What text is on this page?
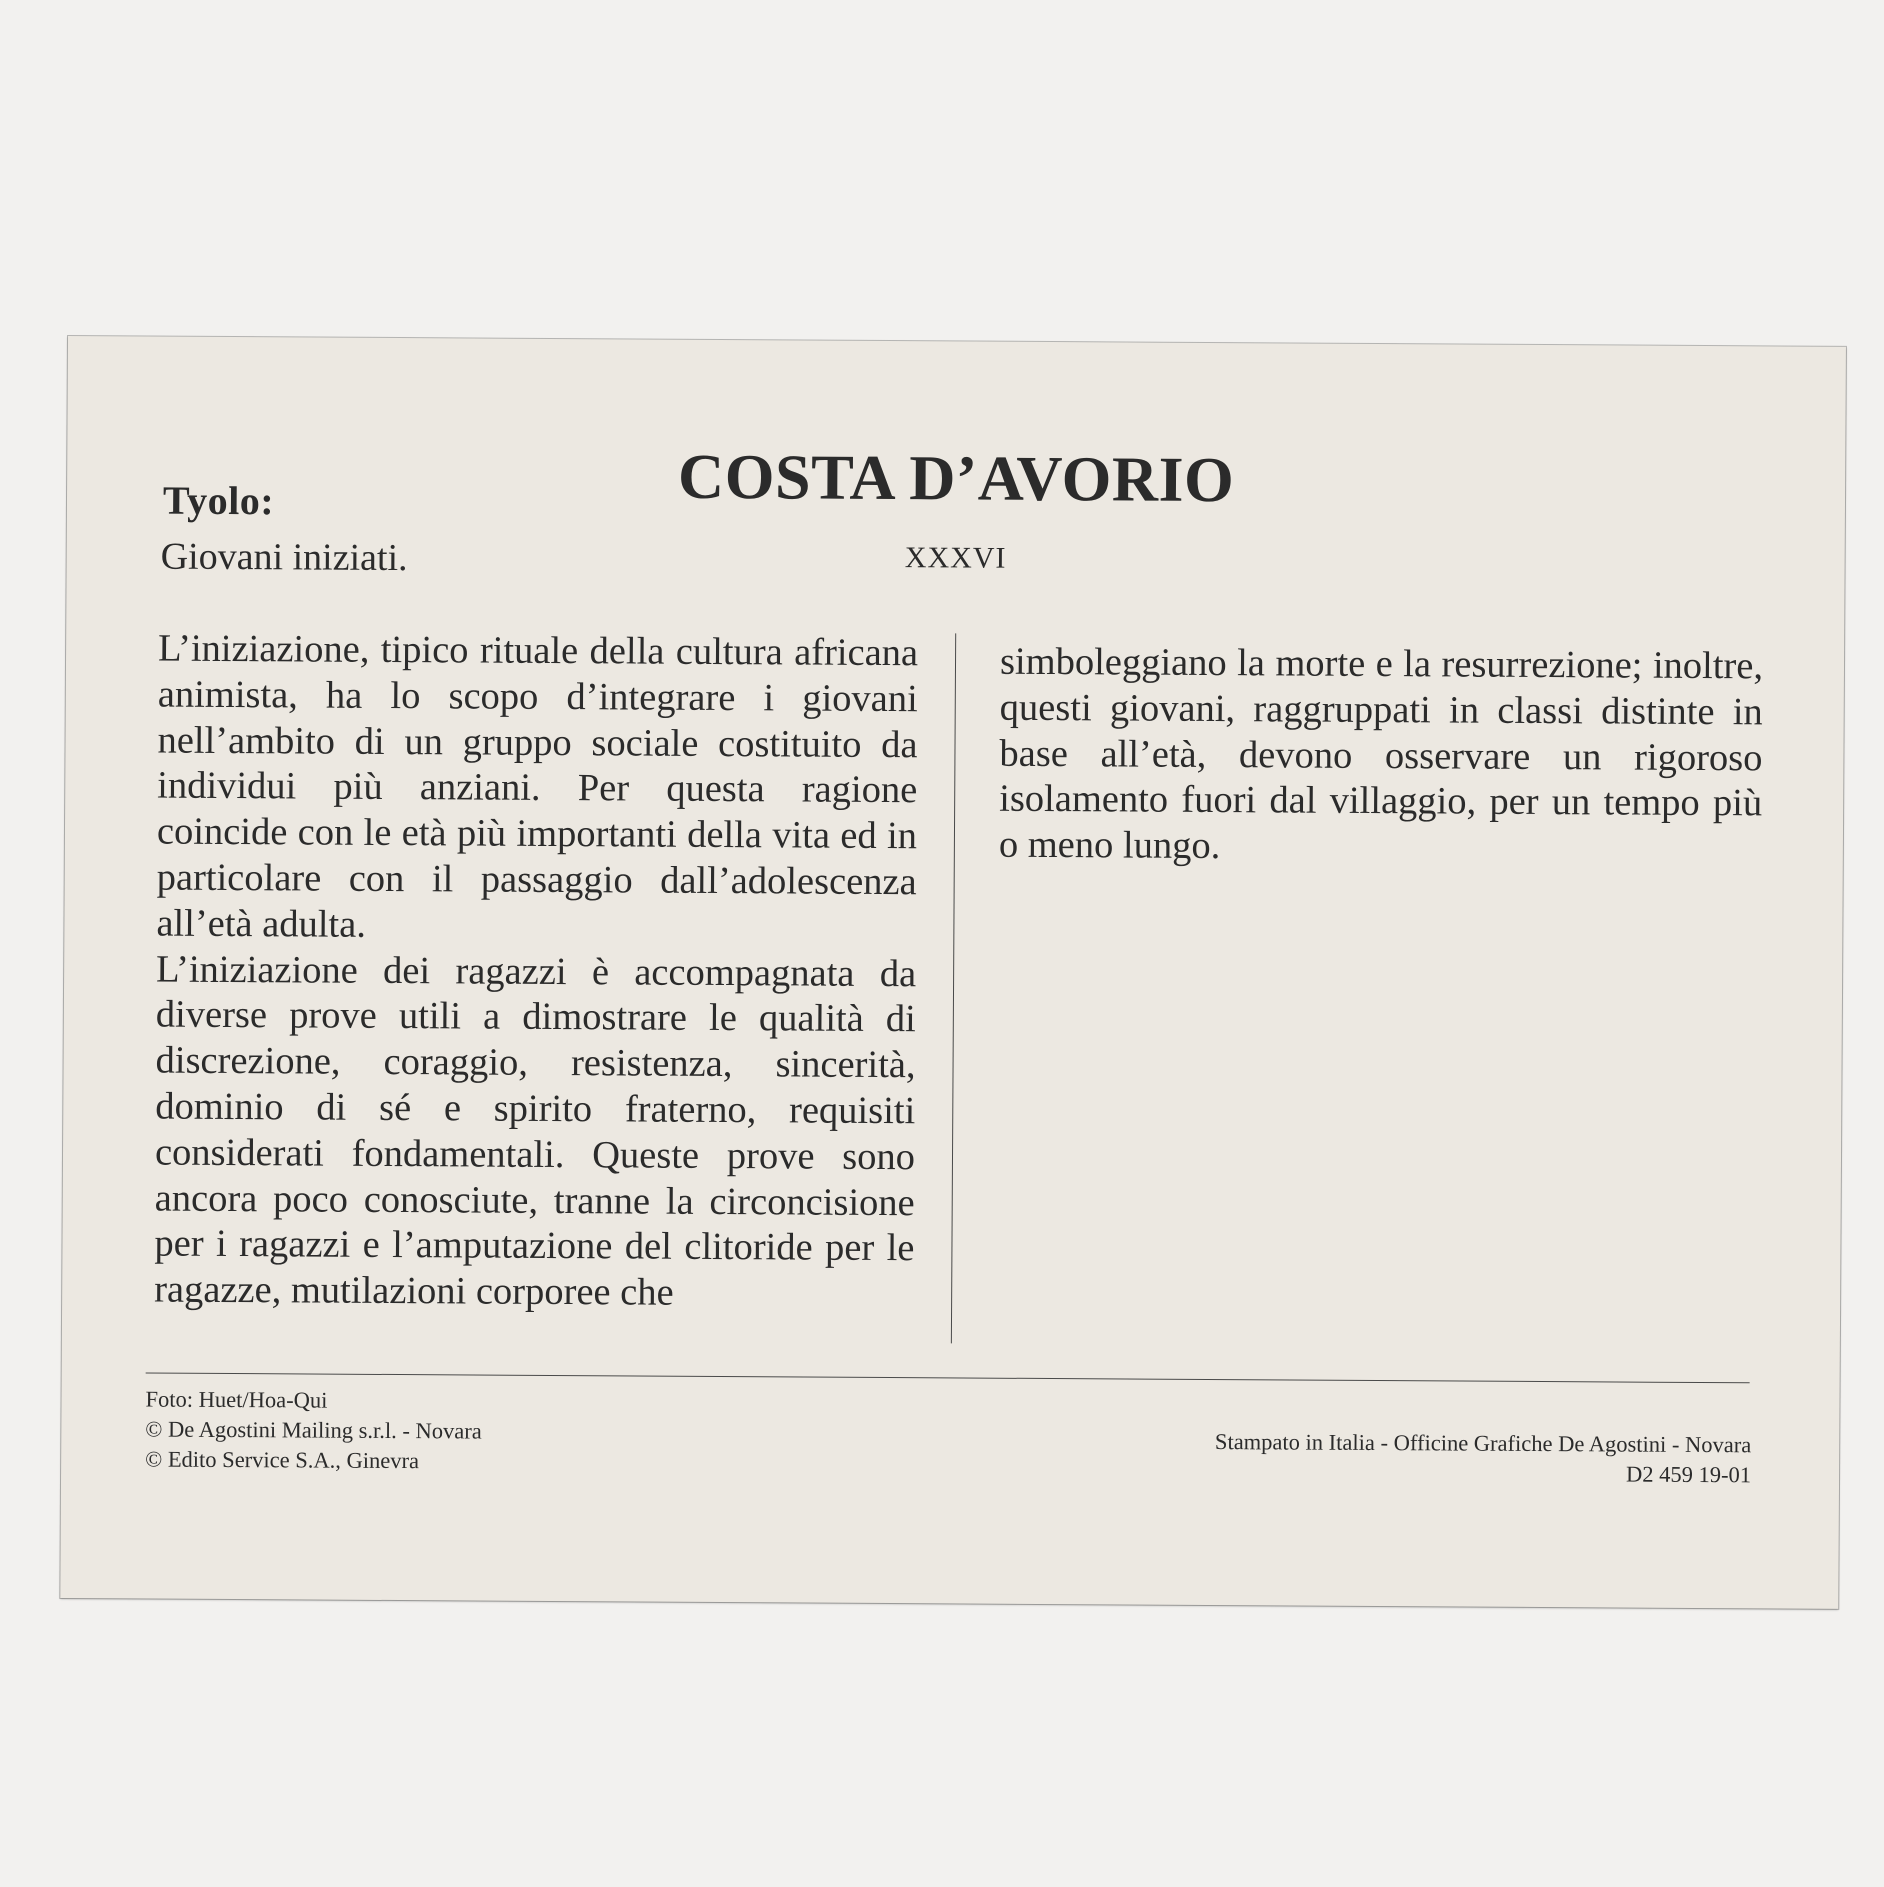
Tyolo:
Giovani iniziati.
COSTA D’AVORIO
XXXVI

L’iniziazione, tipico rituale della cultura africana animista, ha lo scopo d’integrare i giovani nell’ambito di un gruppo sociale costituito da individui più anziani. Per questa ragione coincide con le età più importanti della vita ed in particolare con il passaggio dall’adolescenza all’età adulta.

L’iniziazione dei ragazzi è accompagnata da diverse prove utili a dimostrare le qualità di discrezione, coraggio, resistenza, sincerità, dominio di sé e spirito fraterno, requisiti considerati fondamentali. Queste prove sono ancora poco conosciute, tranne la circoncisione per i ragazzi e l’amputazione del clitoride per le ragazze, mutilazioni corporee che

simboleggiano la morte e la resurrezione; inoltre, questi giovani, raggruppati in classi distinte in base all’età, devono osservare un rigoroso isolamento fuori dal villaggio, per un tempo più o meno lungo.

Foto: Huet/Hoa-Qui
© De Agostini Mailing s.r.l. - Novara
© Edito Service S.A., Ginevra
Stampato in Italia - Officine Grafiche De Agostini - Novara
D2 459 19-01
